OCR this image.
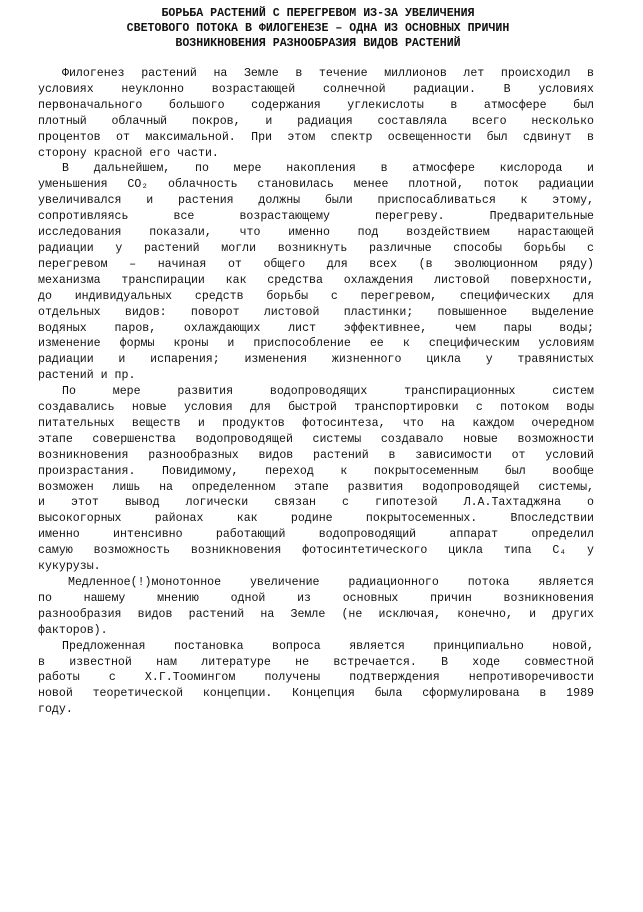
БОРЬБА РАСТЕНИЙ С ПЕРЕГРЕВОМ ИЗ-ЗА УВЕЛИЧЕНИЯ
СВЕТОВОГО ПОТОКА В ФИЛОГЕНЕЗЕ – ОДНА ИЗ ОСНОВНЫХ ПРИЧИН
ВОЗНИКНОВЕНИЯ РАЗНООБРАЗИЯ ВИДОВ РАСТЕНИЙ
Филогенез растений на Земле в течение миллионов лет происходил в
условиях неуклонно возрастающей солнечной радиации. В условиях
первоначального большого содержания углекислоты в атмосфере был
плотный облачный покров, и радиация составляла всего несколько
процентов от максимальной. При этом спектр освещенности был сдвинут в
сторону красной его части.
В дальнейшем, по мере накопления в атмосфере кислорода и
уменьшения CO₂ облачность становилась менее плотной, поток радиации
увеличивался и растения должны были приспосабливаться к этому,
сопротивляясь все возрастающему перегреву. Предварительные
исследования показали, что именно под воздействием нарастающей
радиации у растений могли возникнуть различные способы борьбы с
перегревом – начиная от общего для всех (в эволюционном ряду)
механизма транспирации как средства охлаждения листовой поверхности,
до индивидуальных средств борьбы с перегревом, специфических для
отдельных видов: поворот листовой пластинки; повышенное выделение
водяных паров, охлаждающих лист эффективнее, чем пары воды;
изменение формы кроны и приспособление ее к специфическим условиям
радиации и испарения; изменения жизненного цикла у травянистых
растений и пр.
По мере развития водопроводящих транспирационных систем
создавались новые условия для быстрой транспортировки с потоком воды
питательных веществ и продуктов фотосинтеза, что на каждом очередном
этапе совершенства водопроводящей системы создавало новые возможности
возникновения разнообразных видов растений в зависимости от условий
произрастания. Повидимому, переход к покрытосеменным был вообще
возможен лишь на определенном этапе развития водопроводящей системы,
и этот вывод логически связан с гипотезой Л.А.Тахтаджяна о
высокогорных районах как родине покрытосеменных. Впоследствии
именно интенсивно работающий водопроводящий аппарат определил
самую возможность возникновения фотосинтетического цикла типа C₄ у
кукурузы.
Медленное(!)монотонное увеличение радиационного потока является
по нашему мнению одной из основных причин возникновения
разнообразия видов растений на Земле (не исключая, конечно, и других
факторов).
Предложенная постановка вопроса является принципиально новой,
в известной нам литературе не встречается. В ходе совместной
работы с Х.Г.Тоомингом получены подтверждения непротиворечивости
новой теоретической концепции. Концепция была сформулирована в 1989
году.
